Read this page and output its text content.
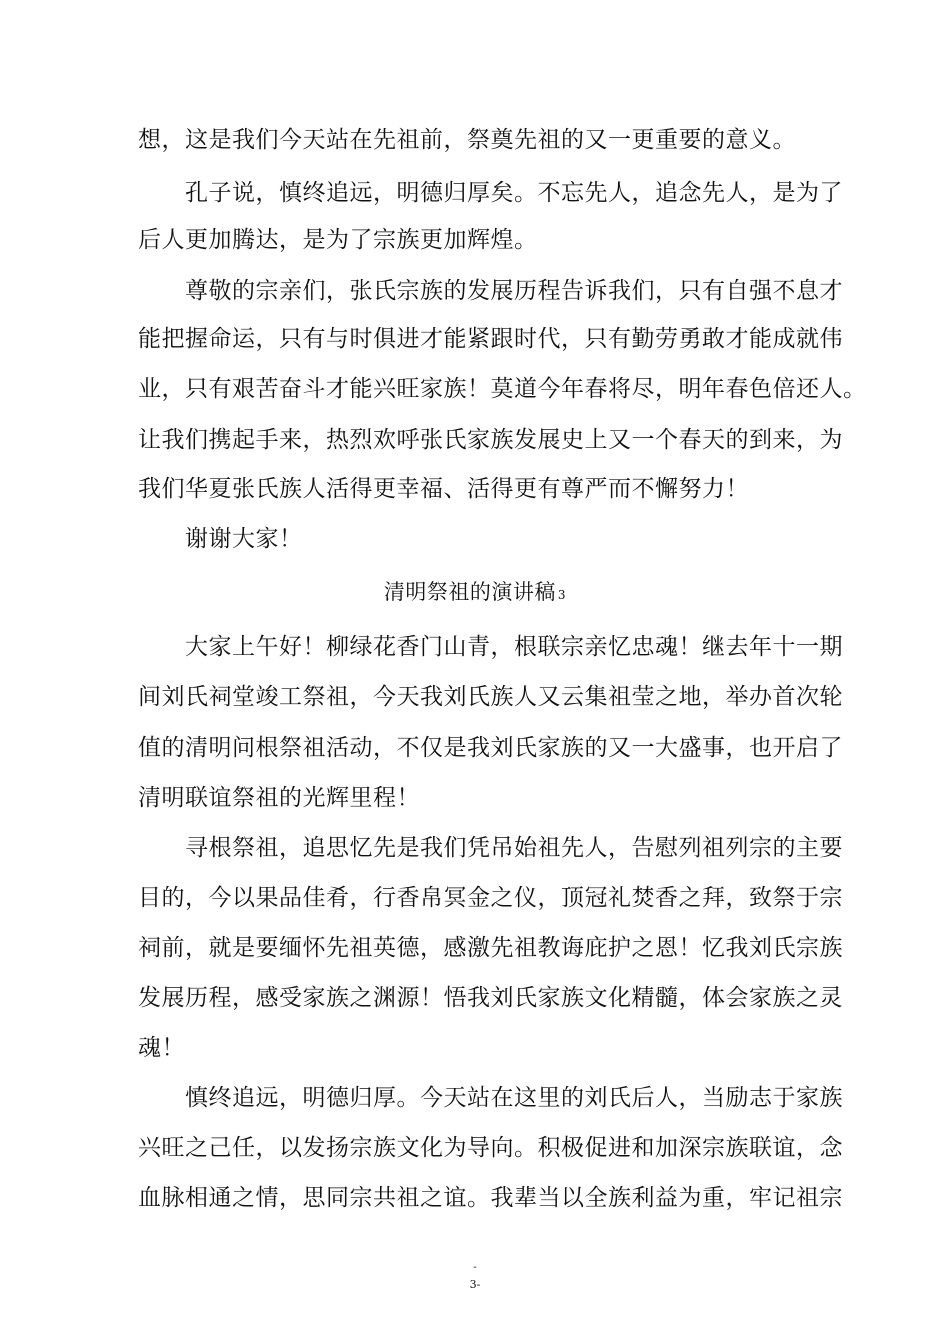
想，这是我们今天站在先祖前，祭奠先祖的又一更重要的意义。
孔子说，慎终追远，明德归厚矣。不忘先人，追念先人，是为了
后人更加腾达，是为了宗族更加辉煌。
尊敬的宗亲们，张氏宗族的发展历程告诉我们，只有自强不息才
能把握命运，只有与时俱进才能紧跟时代，只有勤劳勇敢才能成就伟
业，只有艰苦奋斗才能兴旺家族！莫道今年春将尽，明年春色倍还人。
让我们携起手来，热烈欢呼张氏家族发展史上又一个春天的到来，为
我们华夏张氏族人活得更幸福、活得更有尊严而不懈努力！
谢谢大家！
清明祭祖的演讲稿 3
大家上午好！柳绿花香门山青，根联宗亲忆忠魂！继去年十一期
间刘氏祠堂竣工祭祖，今天我刘氏族人又云集祖莹之地，举办首次轮
值的清明问根祭祖活动，不仅是我刘氏家族的又一大盛事，也开启了
清明联谊祭祖的光辉里程！
寻根祭祖，追思忆先是我们凭吊始祖先人，告慰列祖列宗的主要
目的，今以果品佳肴，行香帛冥金之仪，顶冠礼焚香之拜，致祭于宗
祠前，就是要缅怀先祖英德，感激先祖教诲庇护之恩！忆我刘氏宗族
发展历程，感受家族之渊源！悟我刘氏家族文化精髓，体会家族之灵
魂！
慎终追远，明德归厚。今天站在这里的刘氏后人，当励志于家族
兴旺之己任，以发扬宗族文化为导向。积极促进和加深宗族联谊，念
血脉相通之情，思同宗共祖之谊。我辈当以全族利益为重，牢记祖宗
-
3-
